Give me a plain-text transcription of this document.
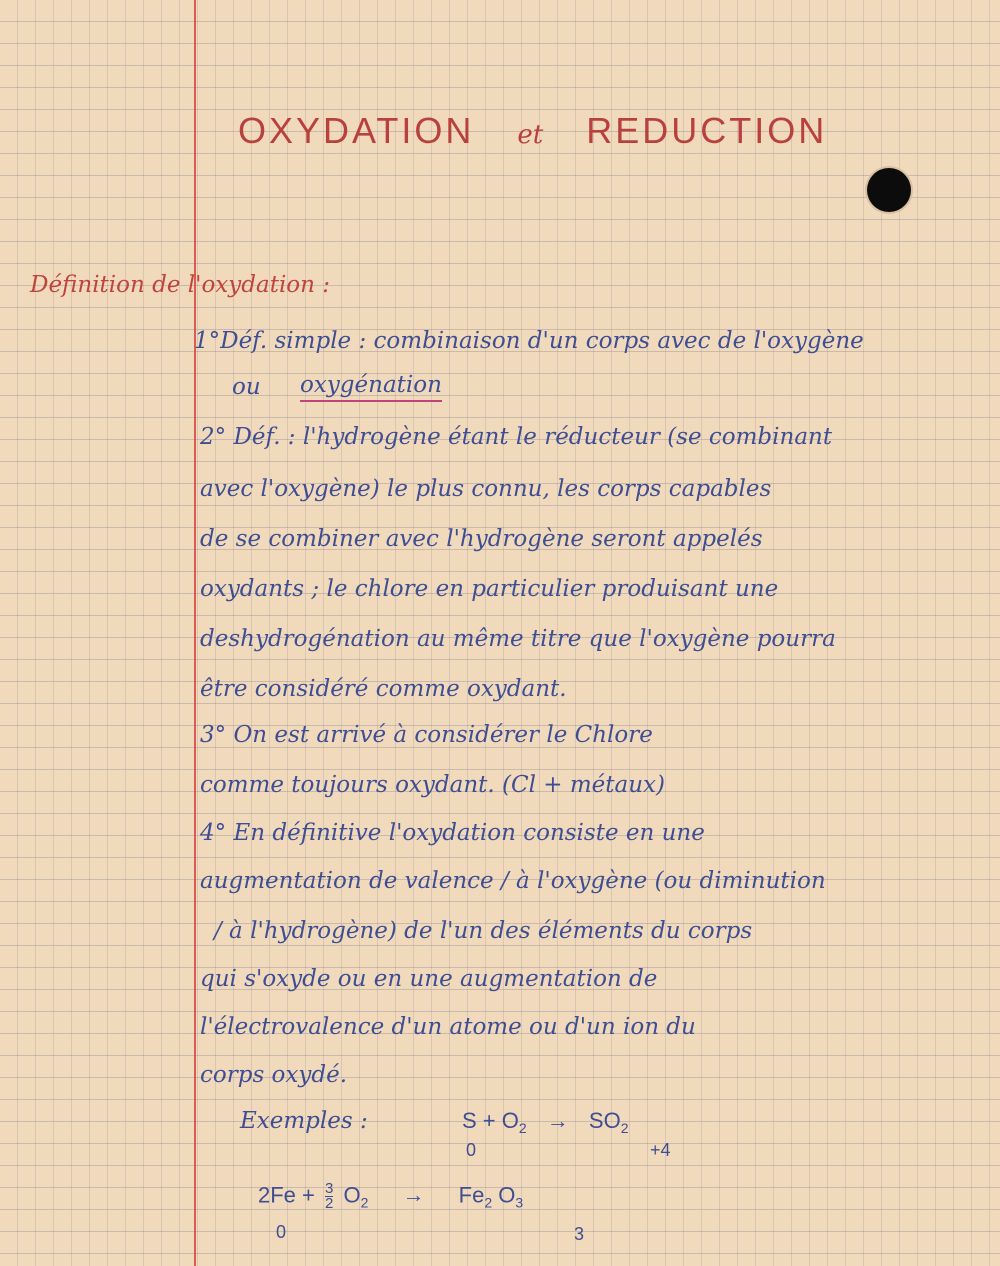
OXYDATION et REDUCTION
Définition de l'oxydation :
1°Déf. simple : combinaison d'un corps avec de l'oxygène
ou oxygénation
2° Déf. : l'hydrogène étant le réducteur (se combinant
avec l'oxygène) le plus connu, les corps capables
de se combiner avec l'hydrogène seront appelés
oxydants ; le chlore en particulier produisant une
deshydrogénation au même titre que l'oxygène pourra
être considéré comme oxydant.
3° On est arrivé à considérer le Chlore
comme toujours oxydant. (Cl + métaux)
4° En définitive l'oxydation consiste en une
augmentation de valence / à l'oxygène (ou diminution
/ à l'hydrogène) de l'un des éléments du corps
qui s'oxyde ou en une augmentation de
l'électrovalence d'un atome ou d'un ion du
corps oxydé.
Exemples :	$S + O_2 \to SO_2$
0	+4
$2Fe + \frac{3}{2} O_2 \to Fe_2$ $O_3$
0	3
